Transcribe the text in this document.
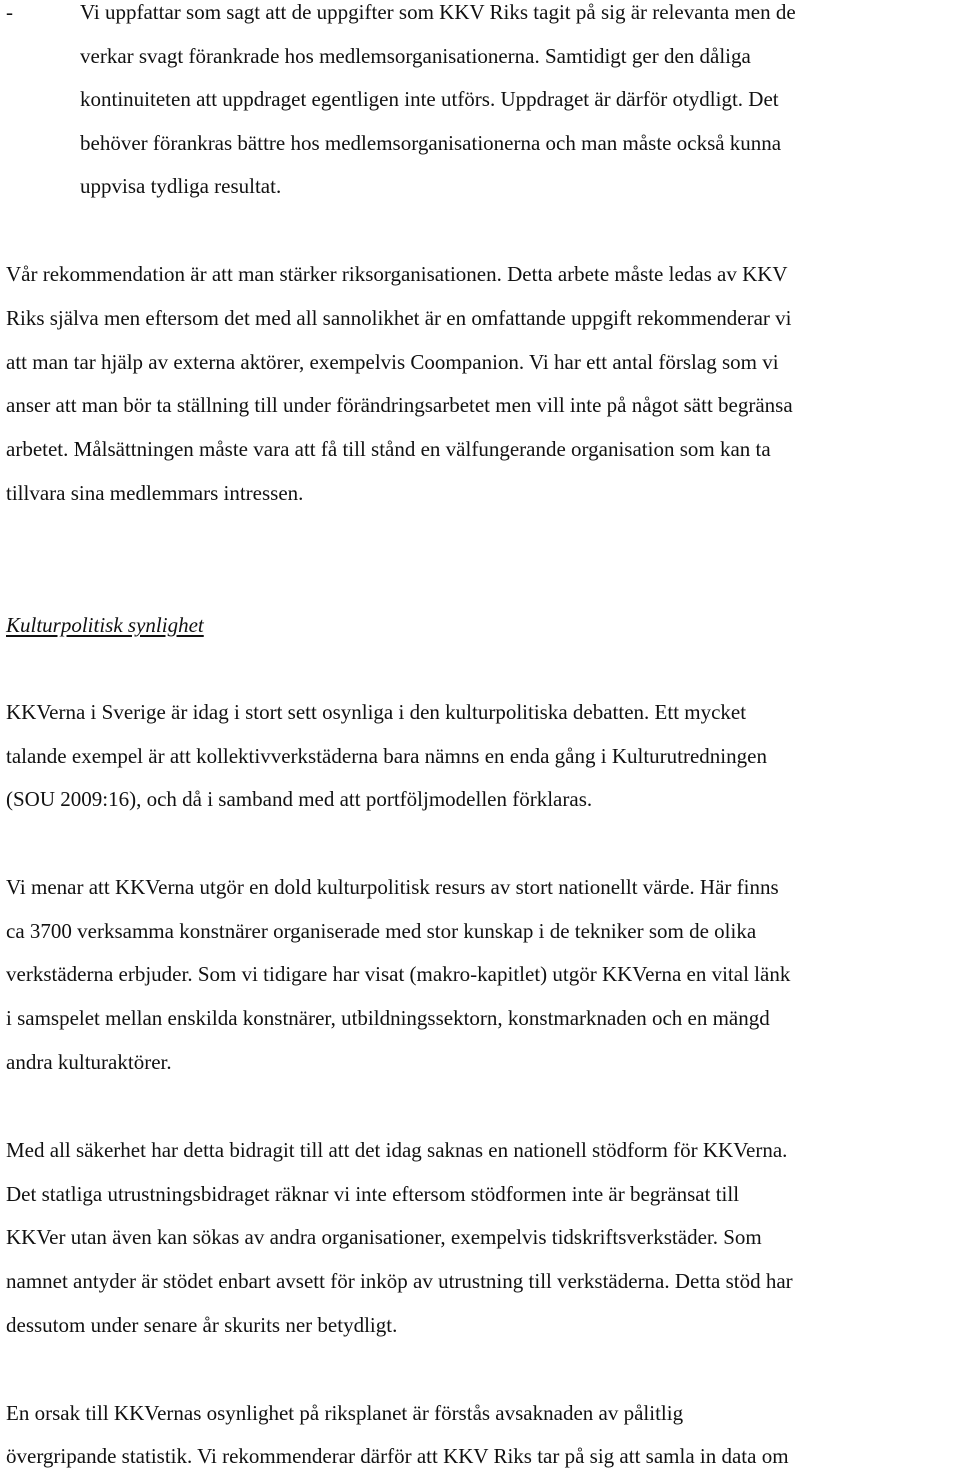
-	Vi uppfattar som sagt att de uppgifter som KKV Riks tagit på sig är relevanta men de
verkar svagt förankrade hos medlemsorganisationerna. Samtidigt ger den dåliga
kontinuiteten att uppdraget egentligen inte utförs. Uppdraget är därför otydligt. Det
behöver förankras bättre hos medlemsorganisationerna och man måste också kunna
uppvisa tydliga resultat.
Vår rekommendation är att man stärker riksorganisationen. Detta arbete måste ledas av KKV
Riks själva men eftersom det med all sannolikhet är en omfattande uppgift rekommenderar vi
att man tar hjälp av externa aktörer, exempelvis Coompanion. Vi har ett antal förslag som vi
anser att man bör ta ställning till under förändringsarbetet men vill inte på något sätt begränsa
arbetet. Målsättningen måste vara att få till stånd en välfungerande organisation som kan ta
tillvara sina medlemmars intressen.
Kulturpolitisk synlighet
KKVerna i Sverige är idag i stort sett osynliga i den kulturpolitiska debatten. Ett mycket
talande exempel är att kollektivverkstäderna bara nämns en enda gång i Kulturutredningen
(SOU 2009:16), och då i samband med att portföljmodellen förklaras.
Vi menar att KKVerna utgör en dold kulturpolitisk resurs av stort nationellt värde. Här finns
ca 3700 verksamma konstnärer organiserade med stor kunskap i de tekniker som de olika
verkstäderna erbjuder. Som vi tidigare har visat (makro-kapitlet) utgör KKVerna en vital länk
i samspelet mellan enskilda konstnärer, utbildningssektorn, konstmarknaden och en mängd
andra kulturaktörer.
Med all säkerhet har detta bidragit till att det idag saknas en nationell stödform för KKVerna.
Det statliga utrustningsbidraget räknar vi inte eftersom stödformen inte är begränsat till
KKVer utan även kan sökas av andra organisationer, exempelvis tidskriftsverkstäder. Som
namnet antyder är stödet enbart avsett för inköp av utrustning till verkstäderna. Detta stöd har
dessutom under senare år skurits ner betydligt.
En orsak till KKVernas osynlighet på riksplanet är förstås avsaknaden av pålitlig
övergripande statistik. Vi rekommenderar därför att KKV Riks tar på sig att samla in data om
